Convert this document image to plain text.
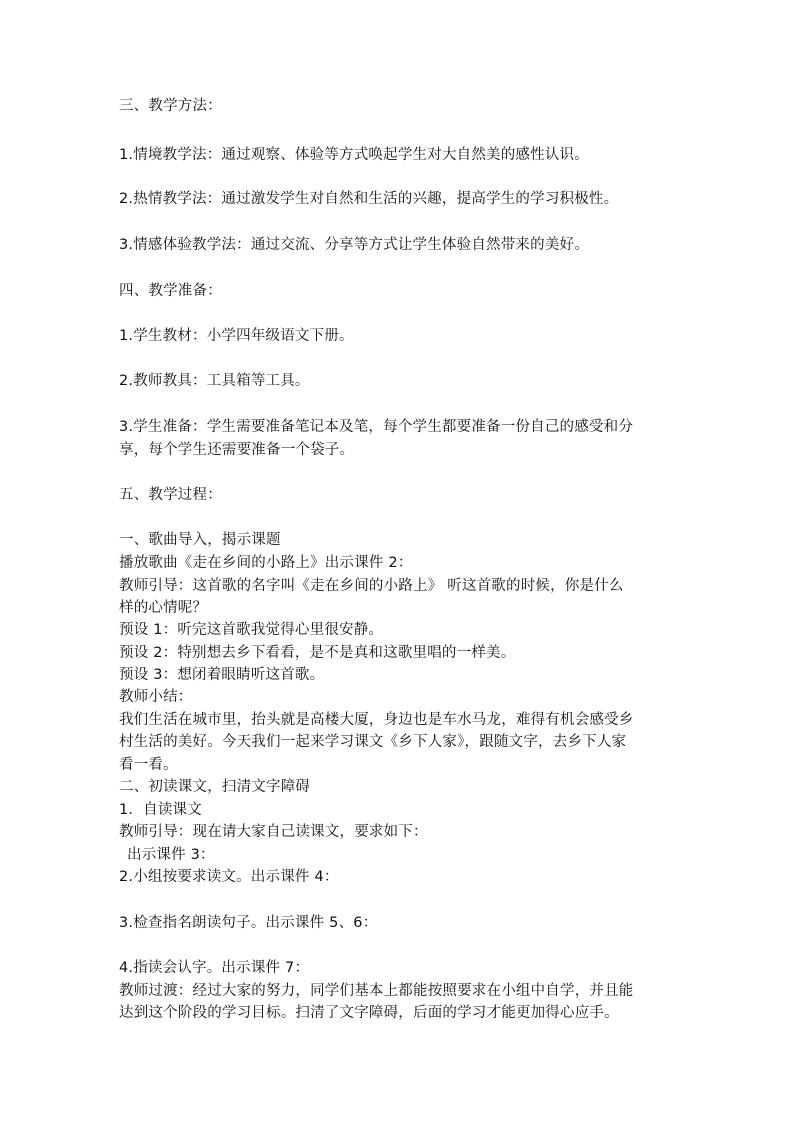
三、教学方法：
1.情境教学法：通过观察、体验等方式唤起学生对大自然美的感性认识。
2.热情教学法：通过激发学生对自然和生活的兴趣，提高学生的学习积极性。
3.情感体验教学法：通过交流、分享等方式让学生体验自然带来的美好。
四、教学准备：
1.学生教材：小学四年级语文下册。
2.教师教具：工具箱等工具。
3.学生准备：学生需要准备笔记本及笔，每个学生都要准备一份自己的感受和分
享，每个学生还需要准备一个袋子。
五、教学过程：
一、歌曲导入，揭示课题
播放歌曲《走在乡间的小路上》出示课件 2：
教师引导：这首歌的名字叫《走在乡间的小路上》 听这首歌的时候，你是什么
样的心情呢？
预设 1：听完这首歌我觉得心里很安静。
预设 2：特别想去乡下看看，是不是真和这歌里唱的一样美。
预设 3：想闭着眼睛听这首歌。
教师小结：
我们生活在城市里，抬头就是高楼大厦，身边也是车水马龙，难得有机会感受乡
村生活的美好。今天我们一起来学习课文《乡下人家》，跟随文字，去乡下人家
看一看。
二、初读课文，扫清文字障碍
1．自读课文
教师引导：现在请大家自己读课文，要求如下：
出示课件 3：
2.小组按要求读文。出示课件 4：
3.检查指名朗读句子。出示课件 5、6：
4.指读会认字。出示课件 7：
教师过渡：经过大家的努力，同学们基本上都能按照要求在小组中自学，并且能
达到这个阶段的学习目标。扫清了文字障碍，后面的学习才能更加得心应手。
